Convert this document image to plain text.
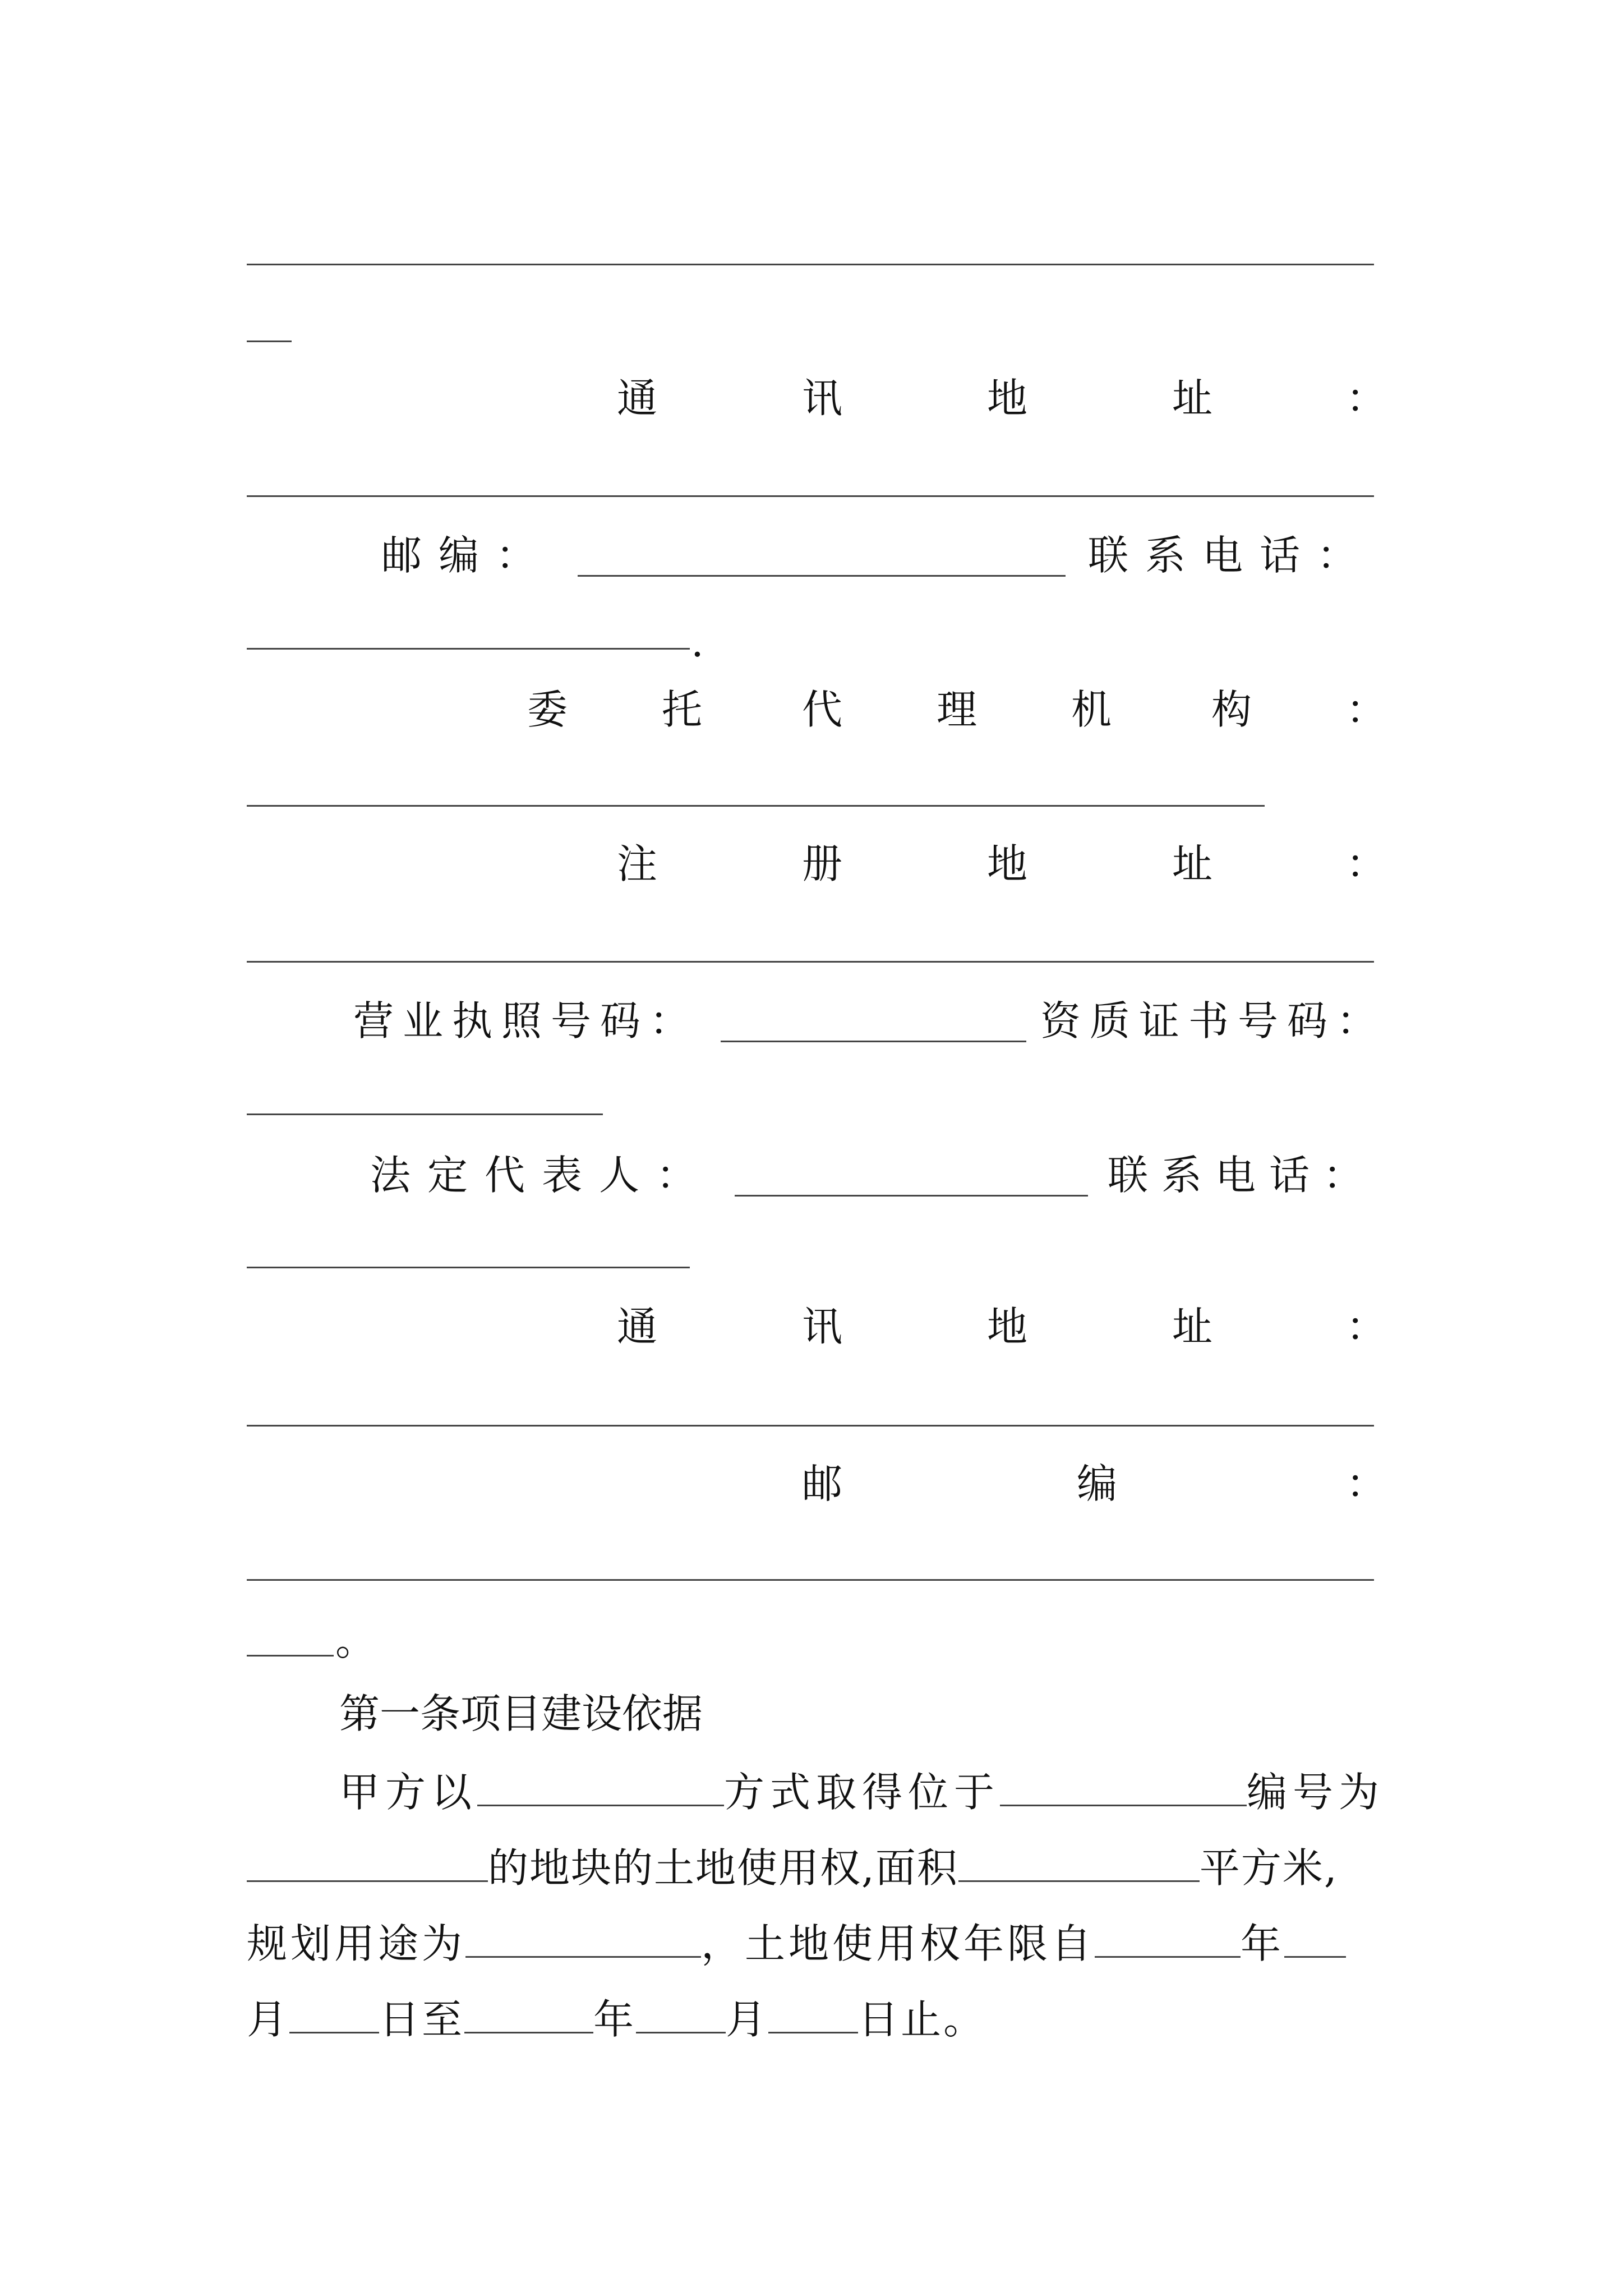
通	讯	地	址	：
邮编：	联系电话：
.
委 托 代 理 机 构 ：
注	册	地	址	：
营业执照号码：	资质证书号码：
法定代表人：	联系电话：
通	讯	地	址	：
邮	编	：
。
第一条项目建设依据
甲方以	方式取得位于	编号为
的地块的土地使用权,面积	平方米,
规划用途为	，土地使用权年限自	年
月 日至	年 月 日止。
